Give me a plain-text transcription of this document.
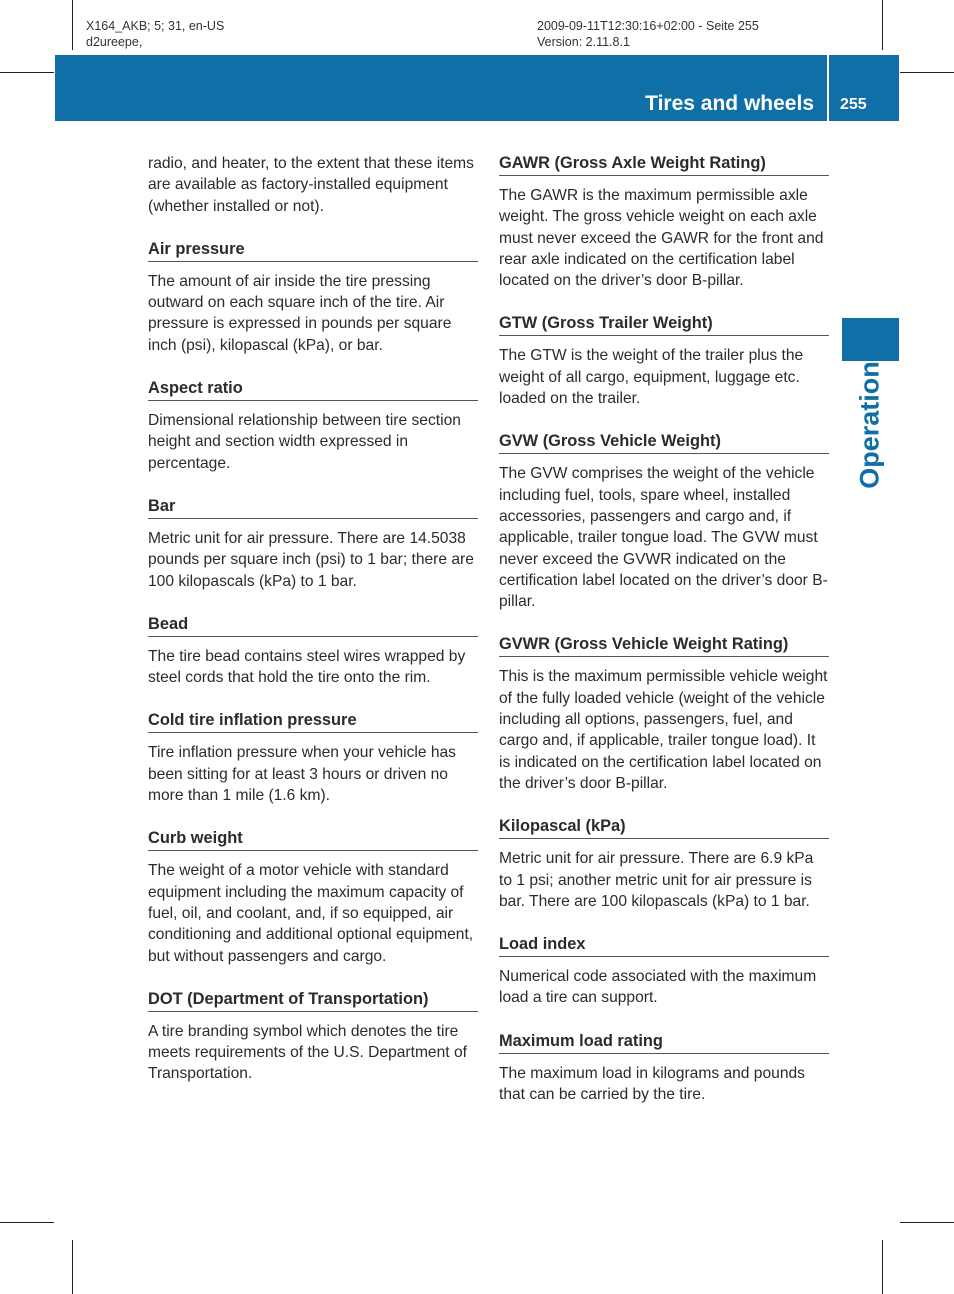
X164_AKB; 5; 31, en-US
d2ureepe,
2009-09-11T12:30:16+02:00 - Seite 255
Version: 2.11.8.1
Tires and wheels 255
Operation

radio, and heater, to the extent that these items are available as factory-installed equipment (whether installed or not).

Air pressure

The amount of air inside the tire pressing outward on each square inch of the tire. Air pressure is expressed in pounds per square inch (psi), kilopascal (kPa), or bar.

Aspect ratio

Dimensional relationship between tire section height and section width expressed in percentage.

Bar

Metric unit for air pressure. There are 14.5038 pounds per square inch (psi) to 1 bar; there are 100 kilopascals (kPa) to 1 bar.

Bead

The tire bead contains steel wires wrapped by steel cords that hold the tire onto the rim.

Cold tire inflation pressure

Tire inflation pressure when your vehicle has been sitting for at least 3 hours or driven no more than 1 mile (1.6 km).

Curb weight

The weight of a motor vehicle with standard equipment including the maximum capacity of fuel, oil, and coolant, and, if so equipped, air conditioning and additional optional equipment, but without passengers and cargo.

DOT (Department of Transportation)

A tire branding symbol which denotes the tire meets requirements of the U.S. Department of Transportation.

GAWR (Gross Axle Weight Rating)

The GAWR is the maximum permissible axle weight. The gross vehicle weight on each axle must never exceed the GAWR for the front and rear axle indicated on the certification label located on the driver’s door B-pillar.

GTW (Gross Trailer Weight)

The GTW is the weight of the trailer plus the weight of all cargo, equipment, luggage etc. loaded on the trailer.

GVW (Gross Vehicle Weight)

The GVW comprises the weight of the vehicle including fuel, tools, spare wheel, installed accessories, passengers and cargo and, if applicable, trailer tongue load. The GVW must never exceed the GVWR indicated on the certification label located on the driver’s door B-pillar.

GVWR (Gross Vehicle Weight Rating)

This is the maximum permissible vehicle weight of the fully loaded vehicle (weight of the vehicle including all options, passengers, fuel, and cargo and, if applicable, trailer tongue load). It is indicated on the certification label located on the driver’s door B-pillar.

Kilopascal (kPa)

Metric unit for air pressure. There are 6.9 kPa to 1 psi; another metric unit for air pressure is bar. There are 100 kilopascals (kPa) to 1 bar.

Load index

Numerical code associated with the maximum load a tire can support.

Maximum load rating

The maximum load in kilograms and pounds that can be carried by the tire.
